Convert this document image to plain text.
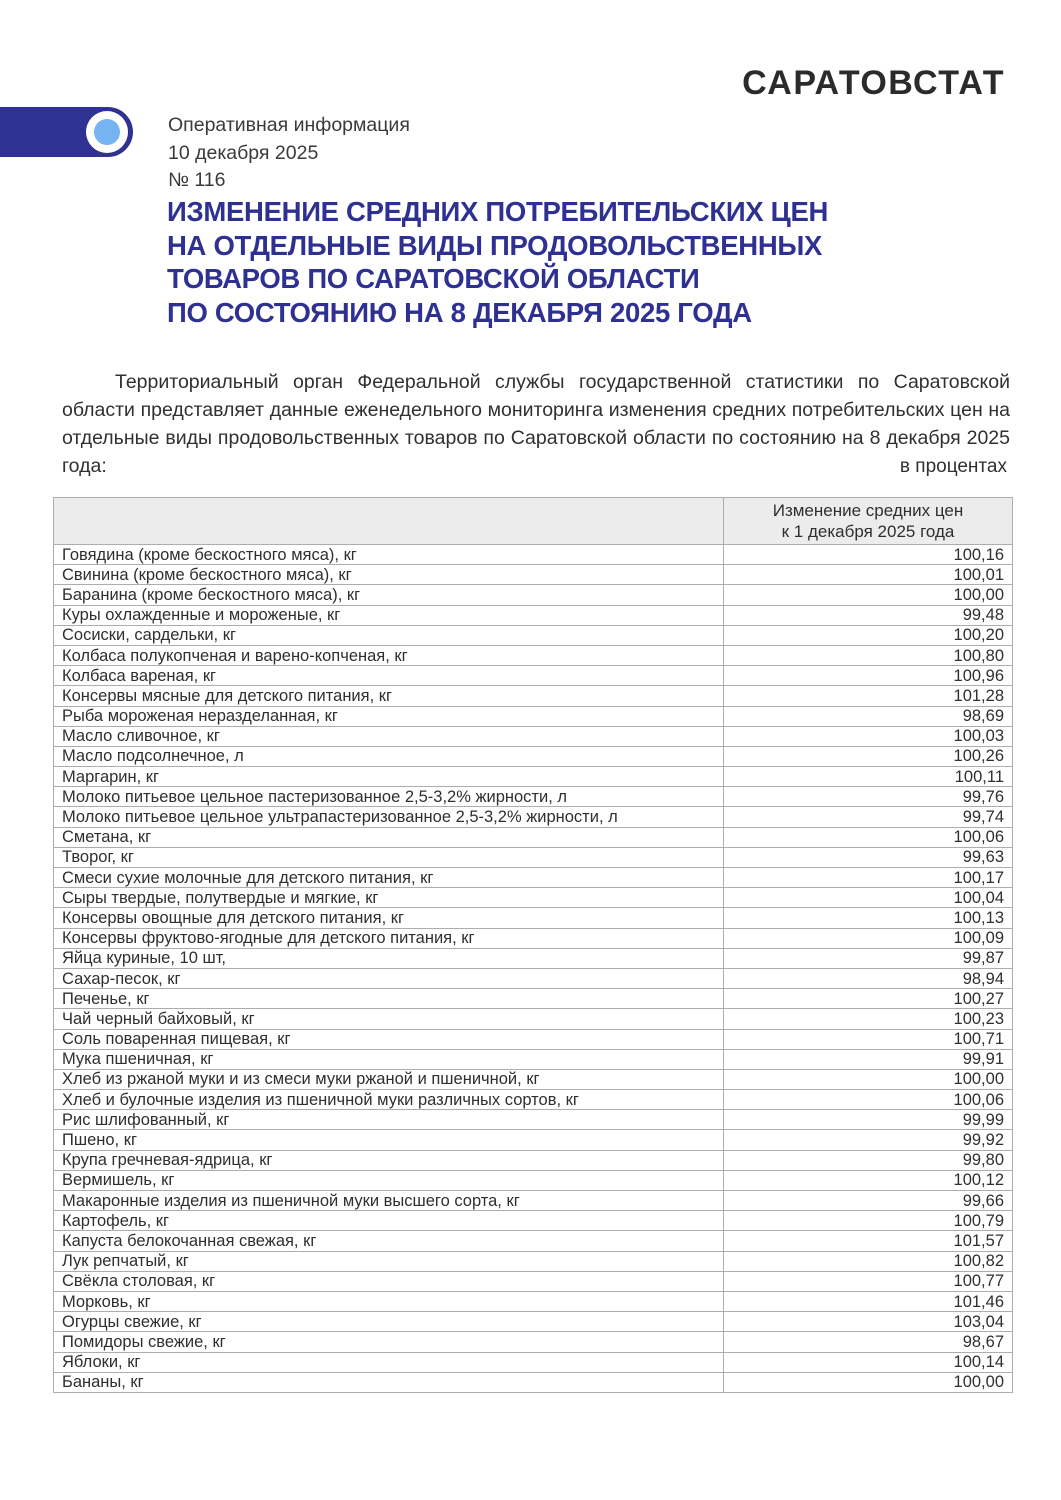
САРАТОВСТАТ
Оперативная информация
10 декабря 2025
№ 116
ИЗМЕНЕНИЕ СРЕДНИХ ПОТРЕБИТЕЛЬСКИХ ЦЕН
НА ОТДЕЛЬНЫЕ ВИДЫ ПРОДОВОЛЬСТВЕННЫХ
ТОВАРОВ ПО САРАТОВСКОЙ ОБЛАСТИ
ПО СОСТОЯНИЮ НА 8 ДЕКАБРЯ 2025 ГОДА

Территориальный орган Федеральной службы государственной статистики по Саратовской области представляет данные еженедельного мониторинга изменения средних потребительских цен на отдельные виды продовольственных товаров по Саратовской области по состоянию на 8 декабря 2025 года:	в процентах

	Изменение средних цен
к 1 декабря 2025 года

Говядина (кроме бескостного мяса), кг	100,16
Свинина (кроме бескостного мяса), кг	100,01
Баранина (кроме бескостного мяса), кг	100,00
Куры охлажденные и мороженые, кг	99,48
Сосиски, сардельки, кг	100,20
Колбаса полукопченая и варено-копченая, кг	100,80
Колбаса вареная, кг	100,96
Консервы мясные для детского питания, кг	101,28
Рыба мороженая неразделанная, кг	98,69
Масло сливочное, кг	100,03
Масло подсолнечное, л	100,26
Маргарин, кг	100,11
Молоко питьевое цельное пастеризованное 2,5-3,2% жирности, л	99,76
Молоко питьевое цельное ультрапастеризованное 2,5-3,2% жирности, л	99,74
Сметана, кг	100,06
Творог, кг	99,63
Смеси сухие молочные для детского питания, кг	100,17
Сыры твердые, полутвердые и мягкие, кг	100,04
Консервы овощные для детского питания, кг	100,13
Консервы фруктово-ягодные для детского питания, кг	100,09
Яйца куриные, 10 шт,	99,87
Сахар-песок, кг	98,94
Печенье, кг	100,27
Чай черный байховый, кг	100,23
Соль поваренная пищевая, кг	100,71
Мука пшеничная, кг	99,91
Хлеб из ржаной муки и из смеси муки ржаной и пшеничной, кг	100,00
Хлеб и булочные изделия из пшеничной муки различных сортов, кг	100,06
Рис шлифованный, кг	99,99
Пшено, кг	99,92
Крупа гречневая-ядрица, кг	99,80
Вермишель, кг	100,12
Макаронные изделия из пшеничной муки высшего сорта, кг	99,66
Картофель, кг	100,79
Капуста белокочанная свежая, кг	101,57
Лук репчатый, кг	100,82
Свёкла столовая, кг	100,77
Морковь, кг	101,46
Огурцы свежие, кг	103,04
Помидоры свежие, кг	98,67
Яблоки, кг	100,14
Бананы, кг	100,00
